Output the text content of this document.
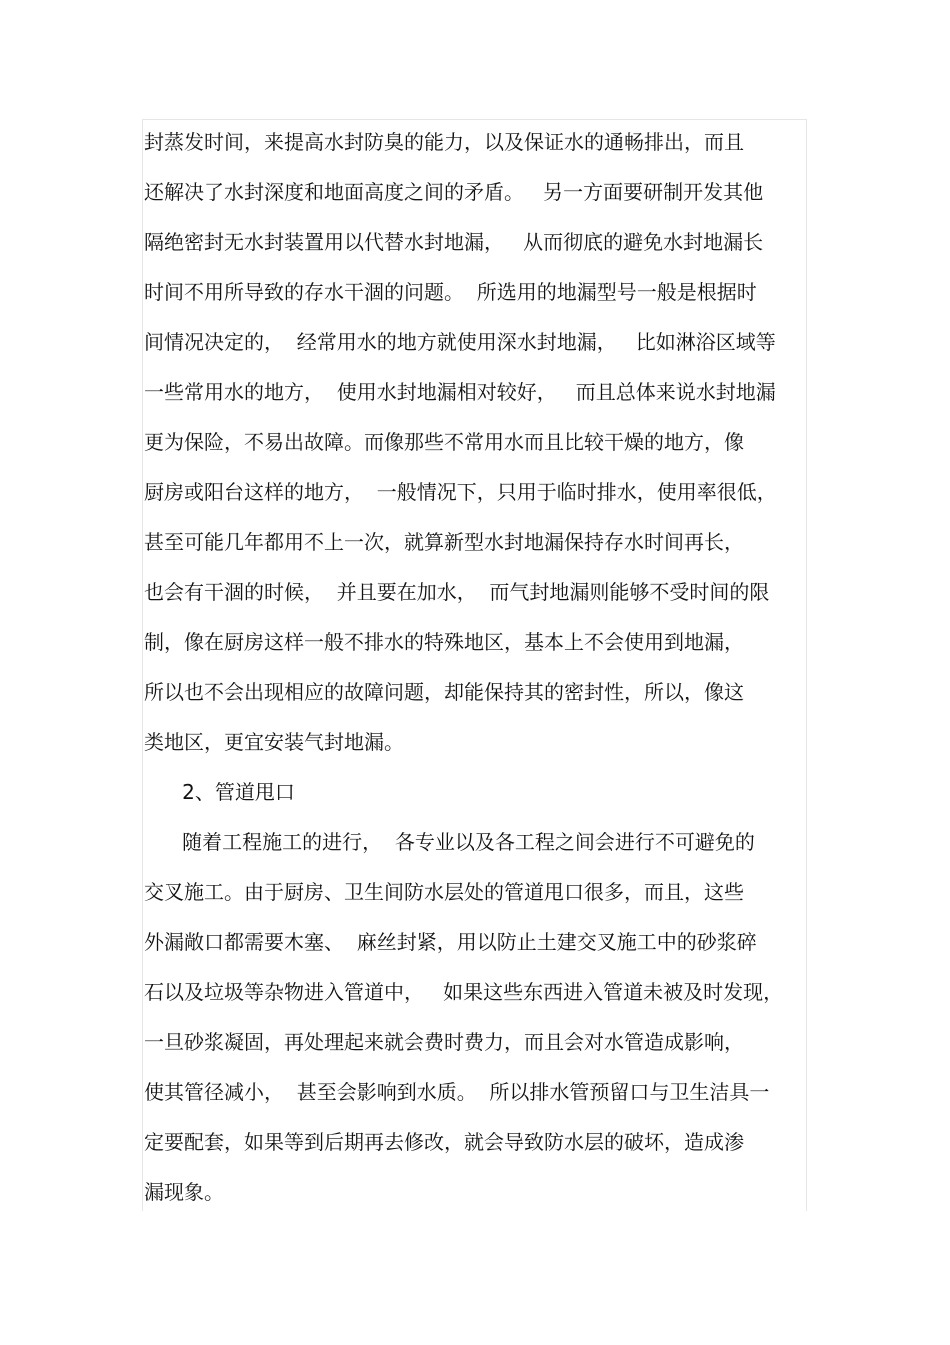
封蒸发时间，来提高水封防臭的能力，以及保证水的通畅排出，而且
还解决了水封深度和地面高度之间的矛盾。   另一方面要研制开发其他
隔绝密封无水封装置用以代替水封地漏，   从而彻底的避免水封地漏长
时间不用所导致的存水干涸的问题。  所选用的地漏型号一般是根据时
间情况决定的，  经常用水的地方就使用深水封地漏，   比如淋浴区域等
一些常用水的地方，  使用水封地漏相对较好，   而且总体来说水封地漏
更为保险，不易出故障。而像那些不常用水而且比较干燥的地方，像
厨房或阳台这样的地方，  一般情况下，只用于临时排水，使用率很低，
甚至可能几年都用不上一次，就算新型水封地漏保持存水时间再长，
也会有干涸的时候，  并且要在加水，  而气封地漏则能够不受时间的限
制，像在厨房这样一般不排水的特殊地区，基本上不会使用到地漏，
所以也不会出现相应的故障问题，却能保持其的密封性，所以，像这
类地区，更宜安装气封地漏。
2、管道甩口
随着工程施工的进行，  各专业以及各工程之间会进行不可避免的
交叉施工。由于厨房、卫生间防水层处的管道甩口很多，而且，这些
外漏敞口都需要木塞、  麻丝封紧，用以防止土建交叉施工中的砂浆碎
石以及垃圾等杂物进入管道中，   如果这些东西进入管道未被及时发现，
一旦砂浆凝固，再处理起来就会费时费力，而且会对水管造成影响，
使其管径减小，  甚至会影响到水质。  所以排水管预留口与卫生洁具一
定要配套，如果等到后期再去修改，就会导致防水层的破坏，造成渗
漏现象。
